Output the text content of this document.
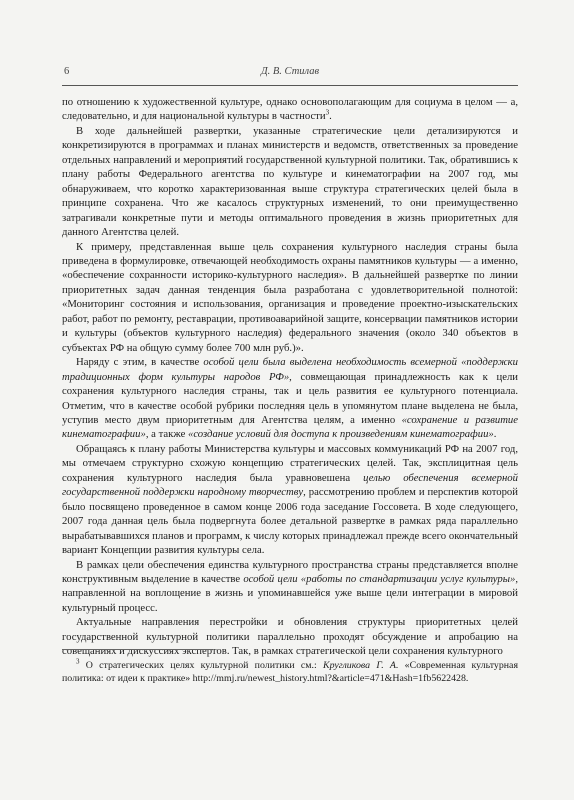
6	Д. В. Стилав

по отношению к художественной культуре, однако основополагающим для социума в целом — а, следовательно, и для национальной культуры в частности$^3$.

В ходе дальнейшей развертки, указанные стратегические цели детализируются и конкретизируются в программах и планах министерств и ведомств, ответственных за проведение отдельных направлений и мероприятий государственной культурной политики. Так, обратившись к плану работы Федерального агентства по культуре и кинематографии на 2007 год, мы обнаруживаем, что коротко характеризованная выше структура стратегических целей была в принципе сохранена. Что же касалось структурных изменений, то они преимущественно затрагивали конкретные пути и методы оптимального проведения в жизнь приоритетных для данного Агентства целей.

К примеру, представленная выше цель сохранения культурного наследия страны была приведена в формулировке, отвечающей необходимость охраны памятников культуры — а именно, «обеспечение сохранности историко-культурного наследия». В дальнейшей развертке по линии приоритетных задач данная тенденция была разработана с удовлетворительной полнотой: «Мониторинг состояния и использования, организация и проведение проектно-изыскательских работ, работ по ремонту, реставрации, противоаварийной защите, консервации памятников истории и культуры (объектов культурного наследия) федерального значения (около 340 объектов в субъектах РФ на общую сумму более 700 млн руб.)».

Наряду с этим, в качестве особой цели была выделена необходимость всемерной «поддержки традиционных форм культуры народов РФ», совмещающая принадлежность как к цели сохранения культурного наследия страны, так и цель развития ее культурного потенциала. Отметим, что в качестве особой рубрики последняя цель в упомянутом плане выделена не была, уступив место двум приоритетным для Агентства целям, а именно «сохранение и развитие кинематографии», а также «создание условий для доступа к произведениям кинематографии».

Обращаясь к плану работы Министерства культуры и массовых коммуникаций РФ на 2007 год, мы отмечаем структурно схожую концепцию стратегических целей. Так, эксплицитная цель сохранения культурного наследия была уравновешена целью обеспечения всемерной государственной поддержки народному творчеству, рассмотрению проблем и перспектив которой было посвящено проведенное в самом конце 2006 года заседание Госсовета. В ходе следующего, 2007 года данная цель была подвергнута более детальной развертке в рамках ряда параллельно вырабатывавшихся планов и программ, к числу которых принадлежал прежде всего окончательный вариант Концепции развития культуры села.

В рамках цели обеспечения единства культурного пространства страны представляется вполне конструктивным выделение в качестве особой цели «работы по стандартизации услуг культуры», направленной на воплощение в жизнь и упоминавшейся уже выше цели интеграции в мировой культурный процесс.

Актуальные направления перестройки и обновления структуры приоритетных целей государственной культурной политики параллельно проходят обсуждение и апробацию на совещаниях и дискуссиях экспертов. Так, в рамках стратегической цели сохранения культурного

$^3$ О стратегических целях культурной политики см.: Кругликова Г. А. «Современная культурная политика: от идеи к практике» http://mmj.ru/newest_history.html?&article=471&Hash=1fb5622428.
